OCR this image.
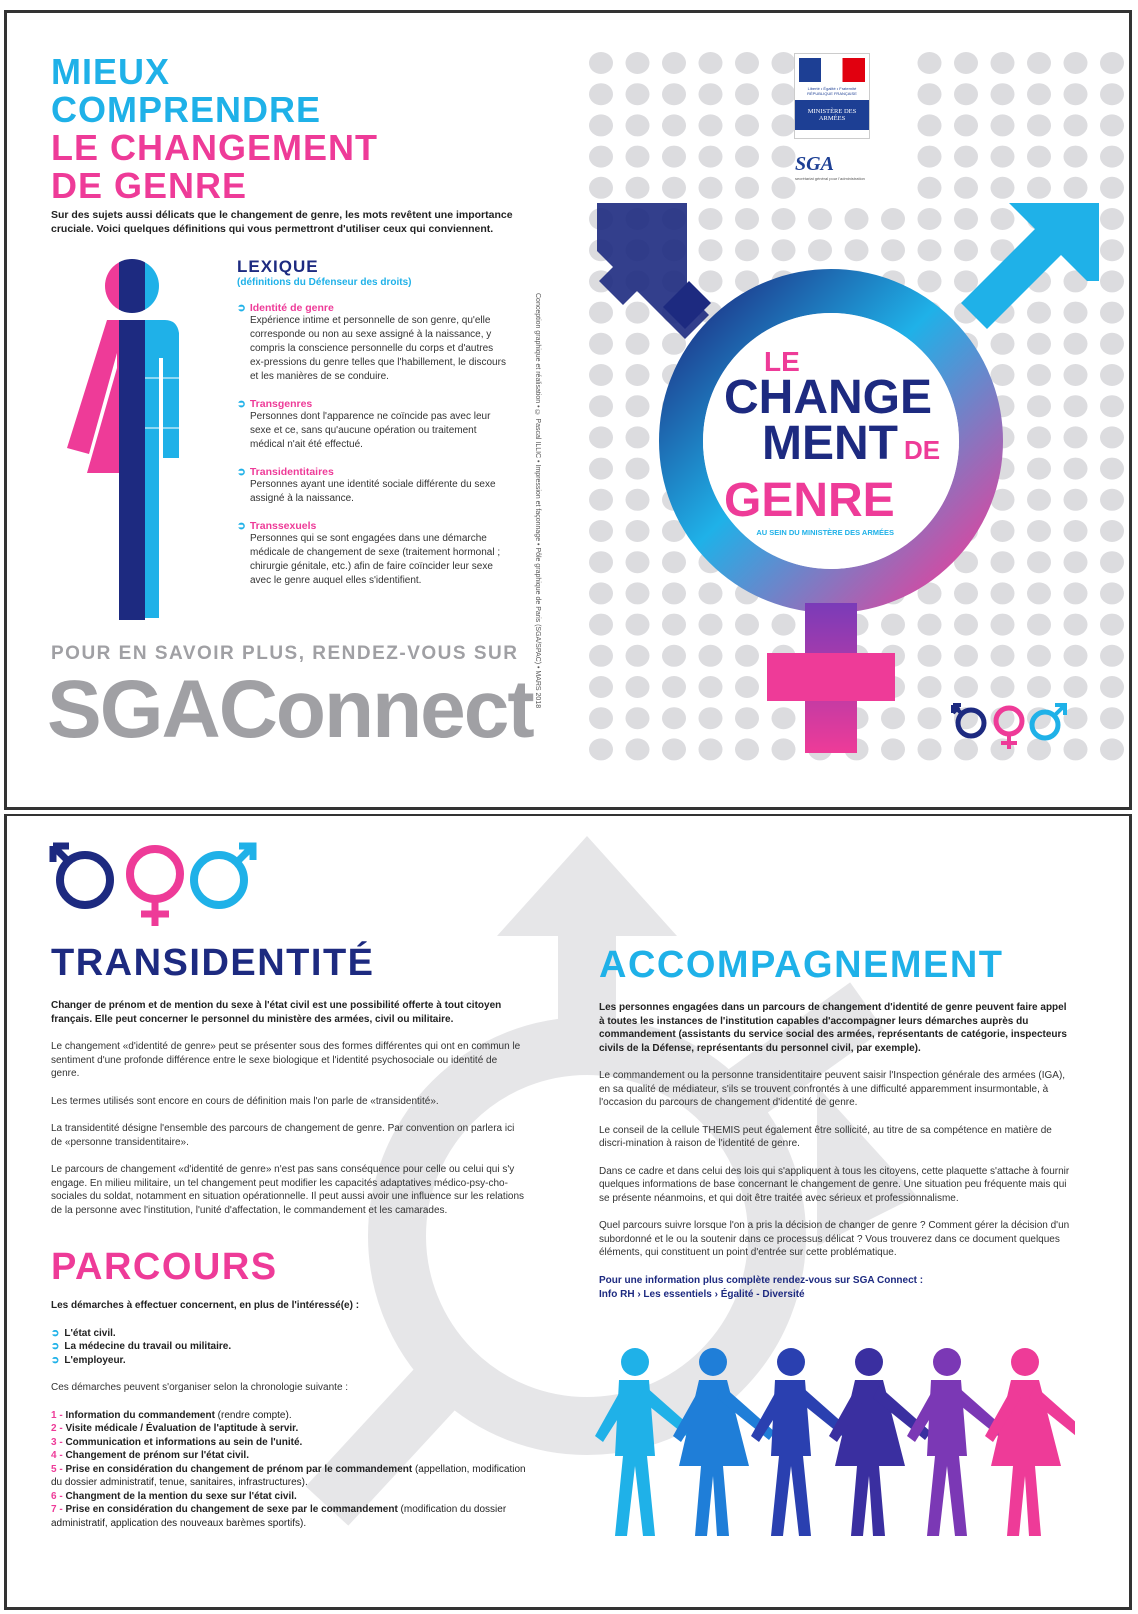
MIEUX
COMPRENDRE
LE CHANGEMENT
DE GENRE
Sur des sujets aussi délicats que le changement de genre, les mots revêtent une importance cruciale. Voici quelques définitions qui vous permettront d'utiliser ceux qui conviennent.
LEXIQUE
(définitions du Défenseur des droits)
➲ Identité de genre
Expérience intime et personnelle de son genre, qu'elle corresponde ou non au sexe assigné à la naissance, y compris la conscience personnelle du corps et d'autres ex-pressions du genre telles que l'habillement, le discours et les manières de se conduire.
➲ Transgenres
Personnes dont l'apparence ne coïncide pas avec leur sexe et ce, sans qu'aucune opération ou traitement médical n'ait été effectué.
➲ Transidentitaires
Personnes ayant une identité sociale différente du sexe assigné à la naissance.
➲ Transsexuels
Personnes qui se sont engagées dans une démarche médicale de changement de sexe (traitement hormonal ; chirurgie génitale, etc.) afin de faire coïncider leur sexe avec le genre auquel elles s'identifient.
POUR EN SAVOIR PLUS, RENDEZ-VOUS SUR
SGAConnect
Conception graphique et réalisation • © Pascal ILLIC • Impression et façonnage • Pôle graphique de Paris (SGA/SPAC) • MARS 2018
Liberté • Égalité • Fraternité RÉPUBLIQUE FRANÇAISE
MINISTÈRE DES ARMÉES
SGA
secrétariat général pour l'administration
LE
CHANGE
MENT DE
GENRE
AU SEIN DU MINISTÈRE DES ARMÉES
TRANSIDENTITÉ

Changer de prénom et de mention du sexe à l'état civil est une possibilité offerte à tout citoyen français. Elle peut concerner le personnel du ministère des armées, civil ou militaire.

Le changement «d'identité de genre» peut se présenter sous des formes différentes qui ont en commun le sentiment d'une profonde différence entre le sexe biologique et l'identité psychosociale ou identité de genre.

Les termes utilisés sont encore en cours de définition mais l'on parle de «transidentité».

La transidentité désigne l'ensemble des parcours de changement de genre. Par convention on parlera ici de «personne transidentitaire».

Le parcours de changement «d'identité de genre» n'est pas sans conséquence pour celle ou celui qui s'y engage. En milieu militaire, un tel changement peut modifier les capacités adaptatives médico-psy-cho-sociales du soldat, notamment en situation opérationnelle. Il peut aussi avoir une influence sur les relations de la personne avec l'institution, l'unité d'affectation, le commandement et les camarades.

PARCOURS

Les démarches à effectuer concernent, en plus de l'intéressé(e) :

➲ L'état civil.
➲ La médecine du travail ou militaire.
➲ L'employeur.

Ces démarches peuvent s'organiser selon la chronologie suivante :

1 - Information du commandement (rendre compte).
2 - Visite médicale / Évaluation de l'aptitude à servir.
3 - Communication et informations au sein de l'unité.
4 - Changement de prénom sur l'état civil.
5 - Prise en considération du changement de prénom par le commandement (appellation, modification du dossier administratif, tenue, sanitaires, infrastructures).
6 - Changment de la mention du sexe sur l'état civil.
7 - Prise en considération du changement de sexe par le commandement (modification du dossier administratif, application des nouveaux barèmes sportifs).
ACCOMPAGNEMENT

Les personnes engagées dans un parcours de changement d'identité de genre peuvent faire appel à toutes les instances de l'institution capables d'accompagner leurs démarches auprès du commandement (assistants du service social des armées, représentants de catégorie, inspecteurs civils de la Défense, représentants du personnel civil, par exemple).

Le commandement ou la personne transidentitaire peuvent saisir l'Inspection générale des armées (IGA), en sa qualité de médiateur, s'ils se trouvent confrontés à une difficulté apparemment insurmontable, à l'occasion du parcours de changement d'identité de genre.

Le conseil de la cellule THEMIS peut également être sollicité, au titre de sa compétence en matière de discri-mination à raison de l'identité de genre.

Dans ce cadre et dans celui des lois qui s'appliquent à tous les citoyens, cette plaquette s'attache à fournir quelques informations de base concernant le changement de genre. Une situation peu fréquente mais qui se présente néanmoins, et qui doit être traitée avec sérieux et professionnalisme.

Quel parcours suivre lorsque l'on a pris la décision de changer de genre ? Comment gérer la décision d'un subordonné et le ou la soutenir dans ce processus délicat ? Vous trouverez dans ce document quelques éléments, qui constituent un point d'entrée sur cette problématique.

Pour une information plus complète rendez-vous sur SGA Connect :
Info RH › Les essentiels › Égalité - Diversité
